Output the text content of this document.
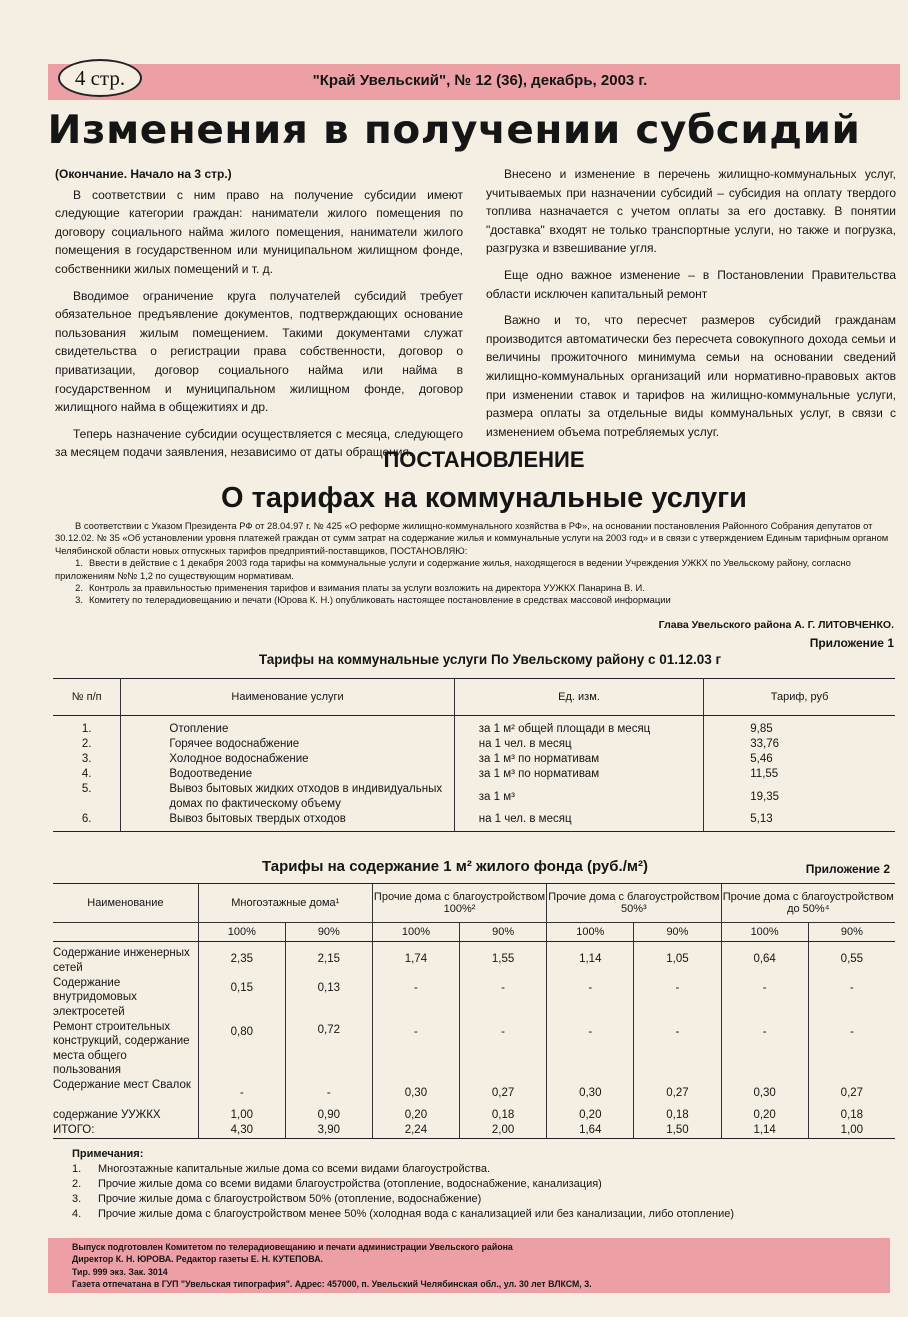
4 стр.	"Край Увельский", № 12 (36), декабрь, 2003 г.
Изменения в получении субсидий

(Окончание. Начало на 3 стр.)

В соответствии с ним право на получение субсидии имеют следующие категории граждан: наниматели жилого помещения по договору социального найма жилого помещения, наниматели жилого помещения в государственном или муниципальном жилищном фонде, собственники жилых помещений и т. д.

Вводимое ограничение круга получателей субсидий требует обязательное предъявление документов, подтверждающих основание пользования жилым помещением. Такими документами служат свидетельства о регистрации права собственности, договор о приватизации, договор социального найма или найма в государственном и муниципальном жилищном фонде, договор жилищного найма в общежитиях и др.

Теперь назначение субсидии осуществляется с месяца, следующего за месяцем подачи заявления, независимо от даты обращения.

Внесено и изменение в перечень жилищно-коммунальных услуг, учитываемых при назначении субсидий – субсидия на оплату твердого топлива назначается с учетом оплаты за его доставку. В понятии "доставка" входят не только транспортные услуги, но также и погрузка, разгрузка и взвешивание угля.

Еще одно важное изменение – в Постановлении Правительства области исключен капитальный ремонт

Важно и то, что пересчет размеров субсидий гражданам производится автоматически без пересчета совокупного дохода семьи и величины прожиточного минимума семьи на основании сведений жилищно-коммунальных организаций или нормативно-правовых актов при изменении ставок и тарифов на жилищно-коммунальные услуги, размера оплаты за отдельные виды коммунальных услуг, в связи с изменением объема потребляемых услуг.

ПОСТАНОВЛЕНИЕ
О тарифах на коммунальные услуги

В соответствии с Указом Президента РФ от 28.04.97 г. № 425 «О реформе жилищно-коммунального хозяйства в РФ», на основании постановления Районного Собрания депутатов от 30.12.02. № 35 «Об установлении уровня платежей граждан от сумм затрат на содержание жилья и коммунальные услуги на 2003 год» и в связи с утверждением Единым тарифным органом Челябинской области новых отпускных тарифов предприятий-поставщиков, ПОСТАНОВЛЯЮ:

1. Ввести в действие с 1 декабря 2003 года тарифы на коммунальные услуги и содержание жилья, находящегося в ведении Учреждения УЖКХ по Увельскому району, согласно приложениям №№ 1,2 по существующим нормативам.

2. Контроль за правильностью применения тарифов и взимания платы за услуги возложить на директора УУЖКХ Панарина В. И.

3. Комитету по телерадиовещанию и печати (Юрова К. Н.) опубликовать настоящее постановление в средствах массовой информации

Глава Увельского района А. Г. ЛИТОВЧЕНКО.
Приложение 1
Тарифы на коммунальные услуги По Увельскому району с 01.12.03 г
№ п/п	Наименование услуги	Ед. изм.	Тариф, руб

1.	Отопление	за 1 м² общей площади в месяц	9,85
2.	Горячее водоснабжение	на 1 чел. в месяц	33,76
3.	Холодное водоснабжение	за 1 м³ по нормативам	5,46
4.	Водоотведение	за 1 м³ по нормативам	11,55
5.	Вывоз бытовых жидких отходов в индивидуальных домах по фактическому объему	за 1 м³	19,35
6.	Вывоз бытовых твердых отходов	на 1 чел. в месяц	5,13
Тарифы на содержание 1 м² жилого фонда (руб./м²)	Приложение 2
Наименование	Многоэтажные дома¹		Прочие дома с благоустройством 100%²		Прочие дома с благоустройством 50%³		Прочие дома с благоустройством до 50%⁴	
	100%	90%	100%	90%	100%	90%	100%	90%
Содержание инженерных сетей	2,35	2,15	1,74	1,55	1,14	1,05	0,64	0,55
Содержание внутридомовых электросетей	0,15	0,13	-	-	-	-	-	-
Ремонт строительных конструкций, содержание места общего пользования	0,80	0,72	-	-	-	-	-	-
Содержание мест Свалок	-	-	0,30	0,27	0,30	0,27	0,30	0,27
содержание УУЖКХ	1,00	0,90	0,20	0,18	0,20	0,18	0,20	0,18
ИТОГО:	4,30	3,90	2,24	2,00	1,64	1,50	1,14	1,00
Примечания:
1. Многоэтажные капитальные жилые дома со всеми видами благоустройства.
2. Прочие жилые дома со всеми видами благоустройства (отопление, водоснабжение, канализация)
3. Прочие жилые дома с благоустройством 50% (отопление, водоснабжение)
4. Прочие жилые дома с благоустройством менее 50% (холодная вода с канализацией или без канализации, либо отопление)
Выпуск подготовлен Комитетом по телерадиовещанию и печати администрации Увельского района
Директор К. Н. ЮРОВА. Редактор газеты Е. Н. КУТЕПОВА.
Тир. 999 экз. Зак. 3014
Газета отпечатана в ГУП "Увельская типография". Адрес: 457000, п. Увельский Челябинская обл., ул. 30 лет ВЛКСМ, 3.
